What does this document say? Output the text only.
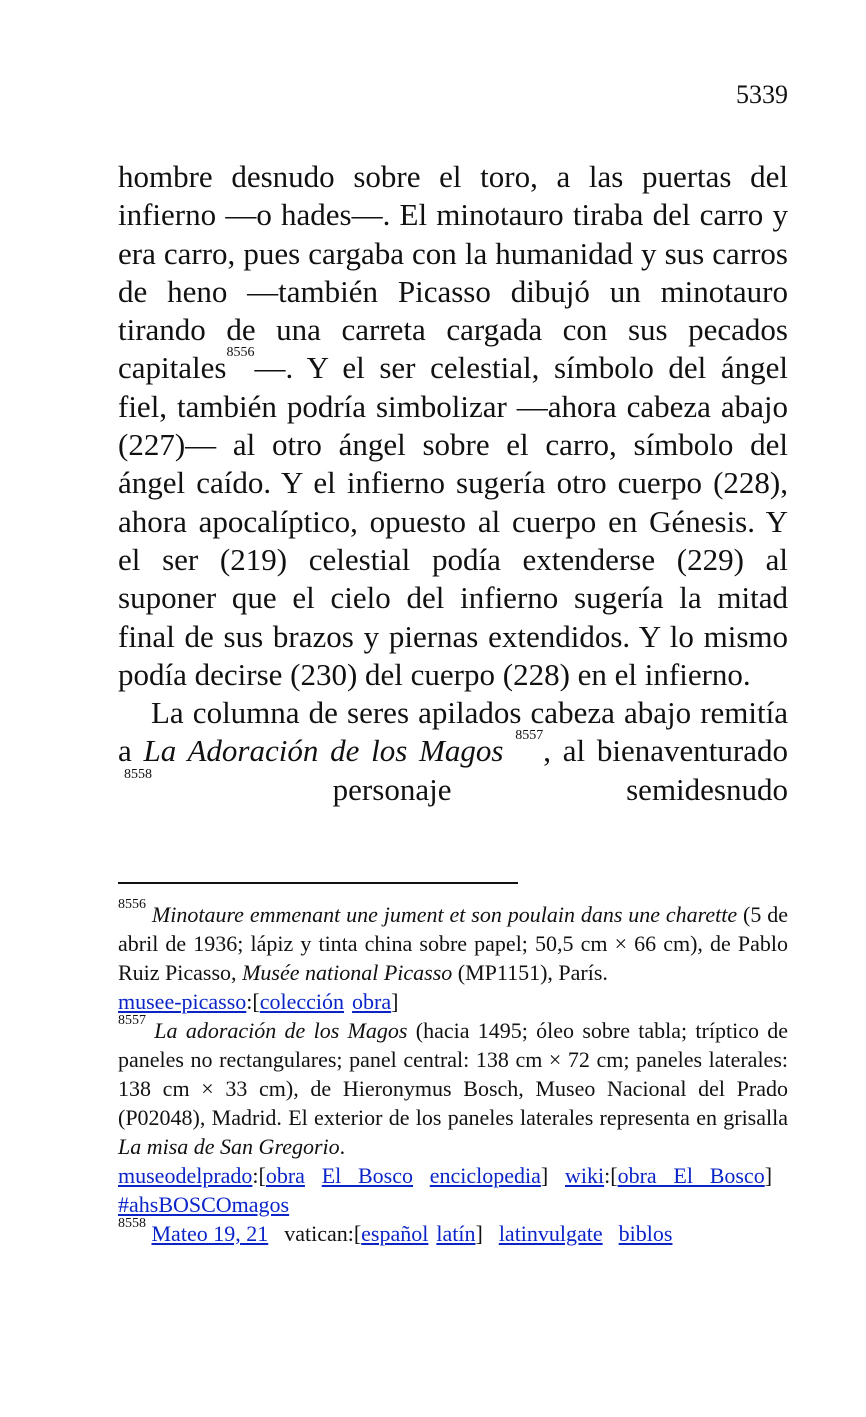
5339

hombre desnudo sobre el toro, a las puertas del infierno —o hades—. El minotauro tiraba del carro y era carro, pues cargaba con la humanidad y sus carros de heno —también Picasso dibujó un minotauro tirando de una carreta cargada con sus pecados capitales$^{8556}$—. Y el ser celestial, símbolo del ángel fiel, también podría simbolizar —ahora cabeza abajo (227)— al otro ángel sobre el carro, símbolo del ángel caído. Y el infierno sugería otro cuerpo (228), ahora apocalíptico, opuesto al cuerpo en Génesis. Y el ser (219) celestial podía extenderse (229) al suponer que el cielo del infierno sugería la mitad final de sus brazos y piernas extendidos. Y lo mismo podía decirse (230) del cuerpo (228) en el infierno.

La columna de seres apilados cabeza abajo remitía a La Adoración de los Magos $^{8557}$, al bienaventurado $^{8558}$	personaje semidesnudo

$^{8556}$ Minotaure emmenant une jument et son poulain dans une charette (5 de abril de 1936; lápiz y tinta china sobre papel; 50,5 cm × 66 cm), de Pablo Ruiz Picasso, Musée national Picasso (MP1151), París.

musee-picasso:[colección obra]

$^{8557}$ La adoración de los Magos (hacia 1495; óleo sobre tabla; tríptico de paneles no rectangulares; panel central: 138 cm × 72 cm; paneles laterales: 138 cm × 33 cm), de Hieronymus Bosch, Museo Nacional del Prado (P02048), Madrid. El exterior de los paneles laterales representa en grisalla La misa de San Gregorio.

museodelprado:[obra El Bosco enciclopedia] wiki:[obra El Bosco]#ahsBOSCOmagos

$^{8558}$ Mateo 19, 21 vatican:[español latín] latinvulgate biblos
